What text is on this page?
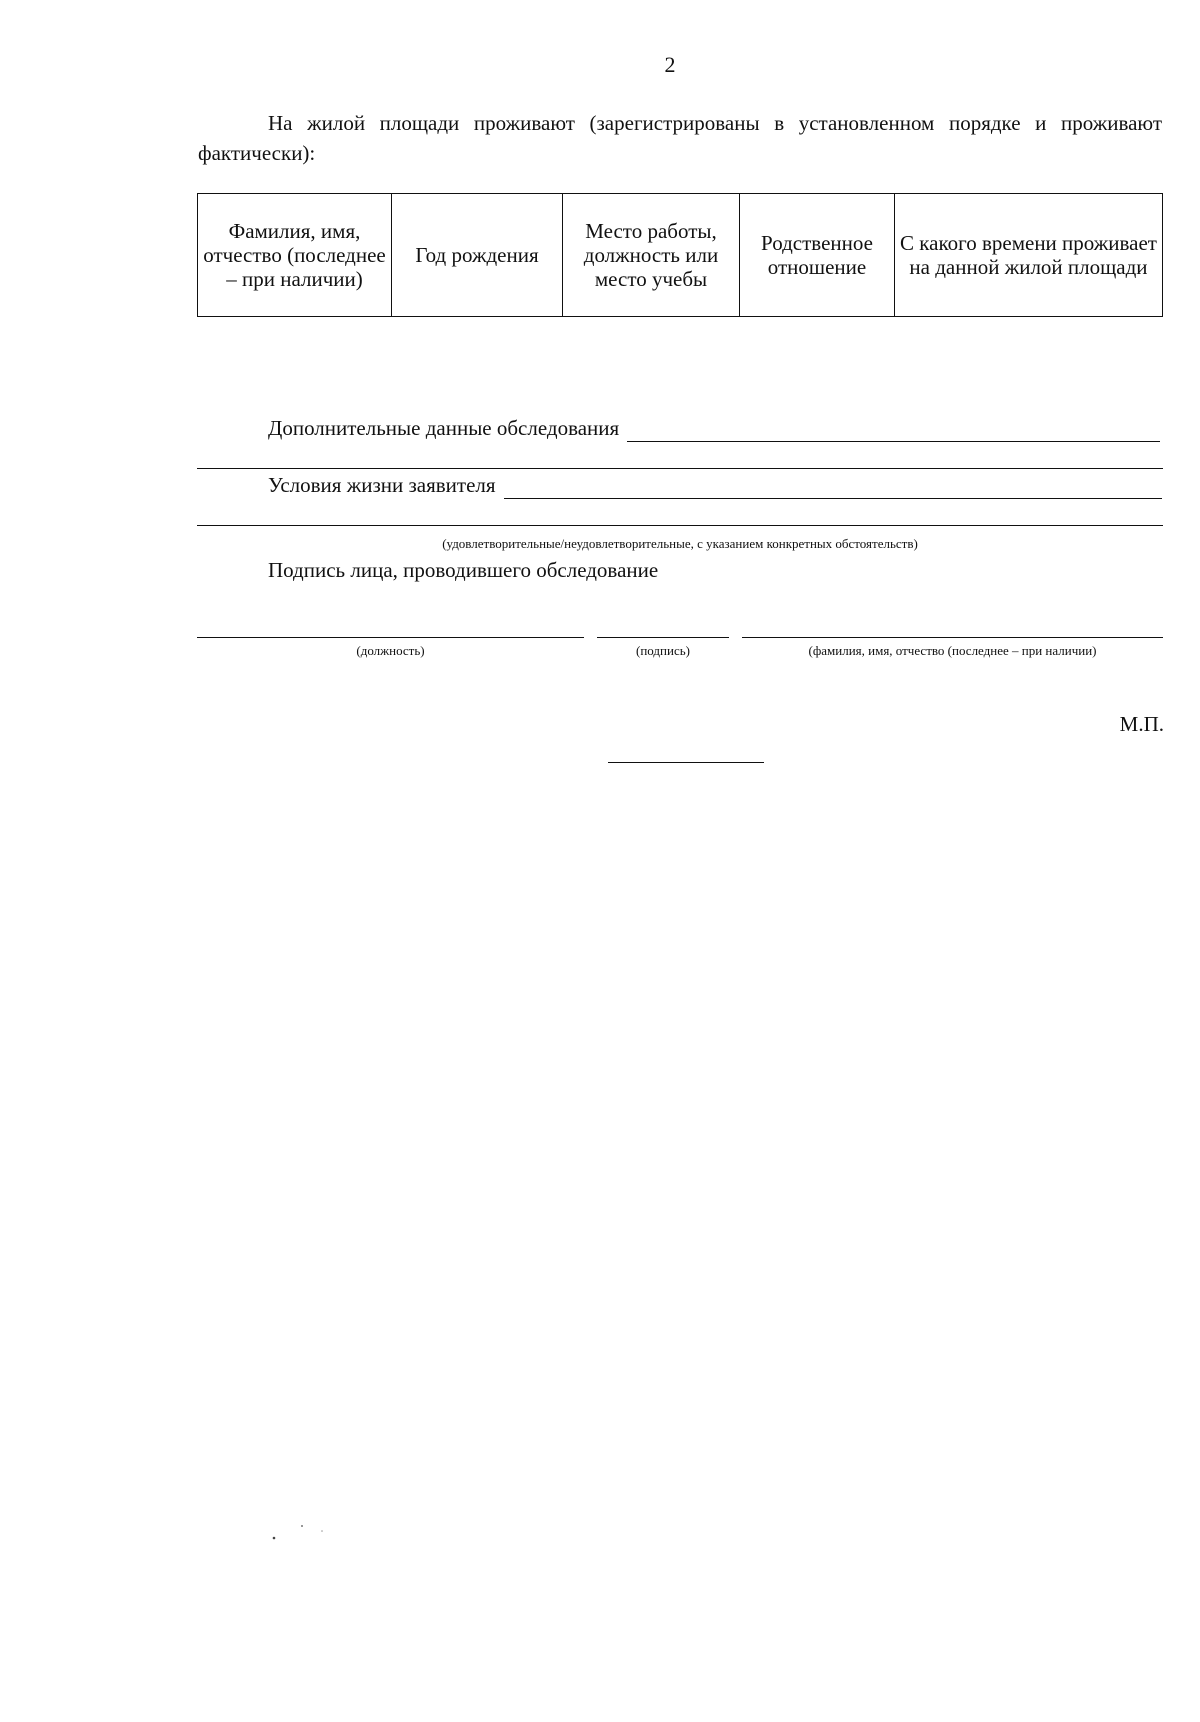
2
На жилой площади проживают (зарегистрированы в установленном порядке и проживают фактически):
Фамилия, имя, отчество (последнее – при наличии)	Год рождения	Место работы, должность или место учебы	Родственное отношение	С какого времени проживает на данной жилой площади
Дополнительные данные обследования
Условия жизни заявителя
(удовлетворительные/неудовлетворительные, с указанием конкретных обстоятельств)
Подпись лица, проводившего обследование
(должность)	(подпись)	(фамилия, имя, отчество (последнее – при наличии)
М.П.
